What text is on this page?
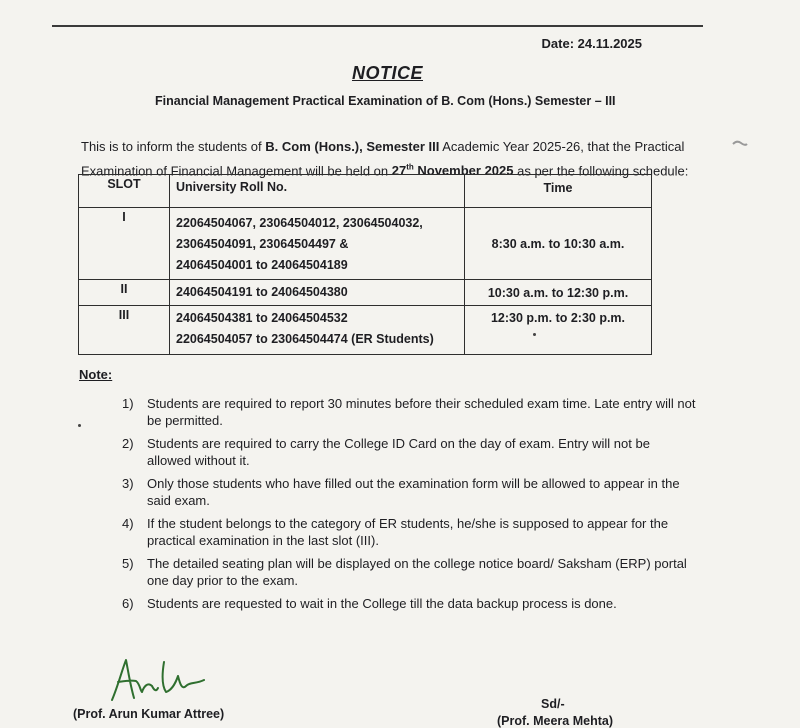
Date: 24.11.2025
NOTICE
Financial Management Practical Examination of B. Com (Hons.) Semester – III
This is to inform the students of B. Com (Hons.), Semester III Academic Year 2025-26, that the Practical Examination of Financial Management will be held on 27th November 2025 as per the following schedule:
SLOT	University Roll No.	Time
I	22064504067, 23064504012, 23064504032,
23064504091, 23064504497 &
24064504001 to 24064504189	8:30 a.m. to 10:30 a.m.
II	24064504191 to 24064504380	10:30 a.m. to 12:30 p.m.
III	24064504381 to 24064504532
22064504057 to 23064504474 (ER Students)	12:30 p.m. to 2:30 p.m.
Note:
1) Students are required to report 30 minutes before their scheduled exam time. Late entry will not be permitted.
2) Students are required to carry the College ID Card on the day of exam. Entry will not be allowed without it.
3) Only those students who have filled out the examination form will be allowed to appear in the said exam.
4) If the student belongs to the category of ER students, he/she is supposed to appear for the practical examination in the last slot (III).
5) The detailed seating plan will be displayed on the college notice board/ Saksham (ERP) portal one day prior to the exam.
6) Students are requested to wait in the College till the data backup process is done.
(Prof. Arun Kumar Attree)
Sd/-
(Prof. Meera Mehta)
